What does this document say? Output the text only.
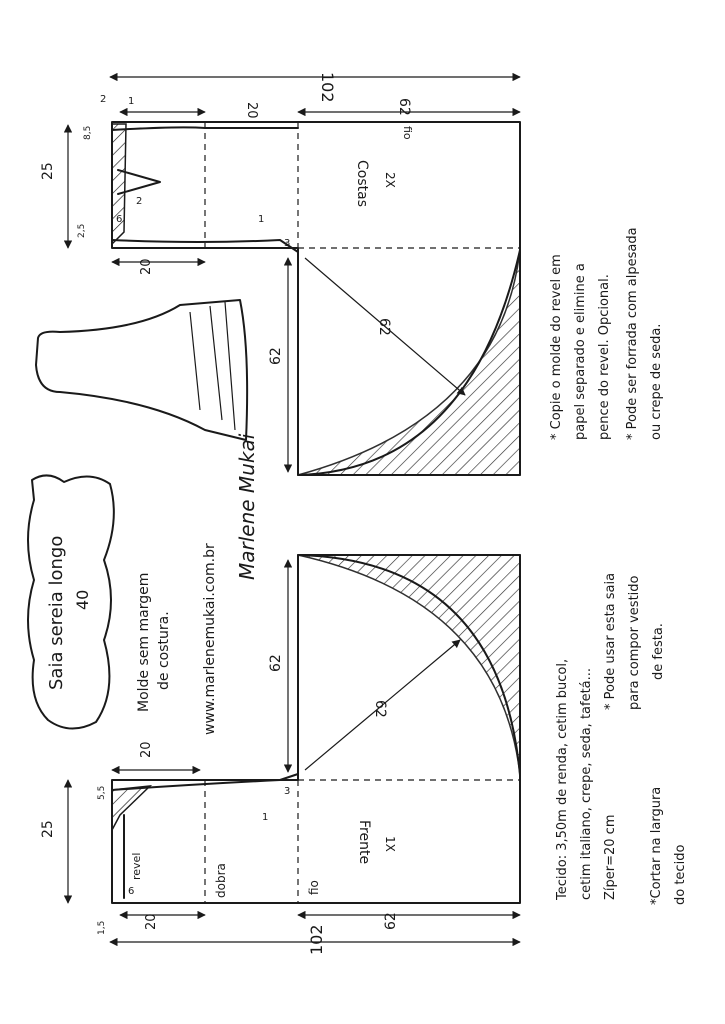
102
20	62
25
20
62
62
Costas 2X
fio
2 1
8,5
2
6
2,5
3
1
20
25
62
62
20	62
102
Frente 1X
dobra	fio
revel
6
5,5
1,5
1
3
Saia sereia longo 40	Molde sem margem de costura. www.marlenemukai.com.br
Marlene Mukai
Tecido: 3,50m de renda, cetim bucol, cetim italiano, crepe, seda, tafetá... Zíper=20 cm *Cortar na largura do tecido
* Pode usar esta saia para compor vestido de festa.
* Copie o molde do revel em papel separado e elimine a pence do revel. Opcional. * Pode ser forrada com alpesada ou crepe de seda.
